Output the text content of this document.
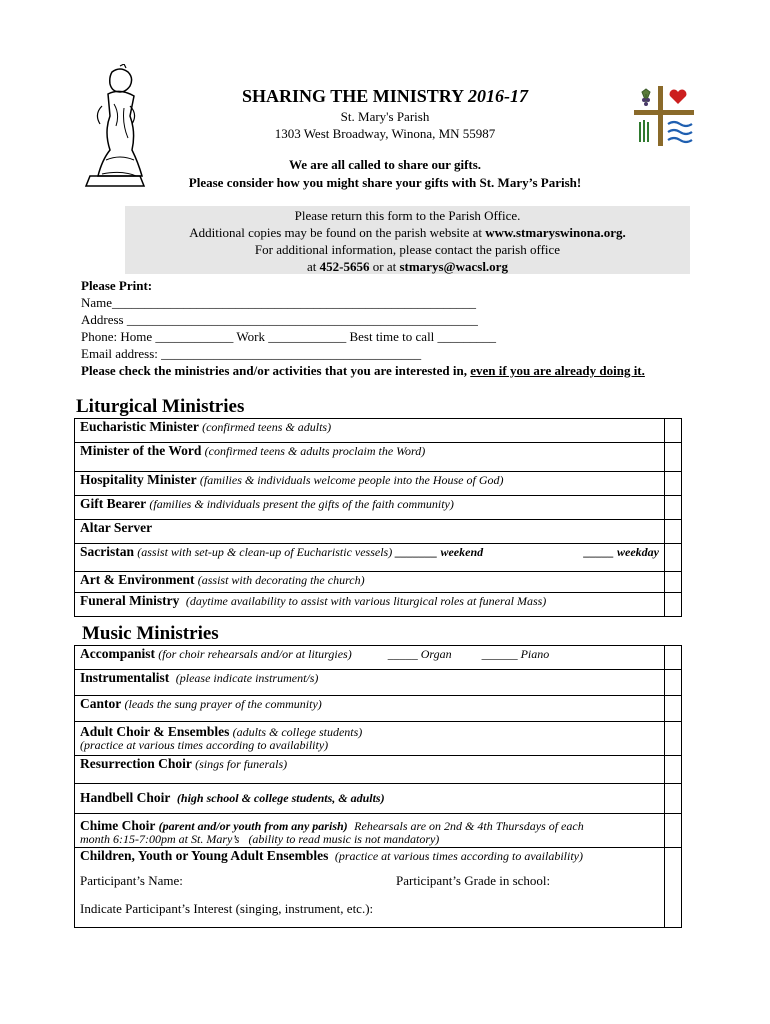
SHARING THE MINISTRY 2016-17
St. Mary's Parish
1303 West Broadway, Winona, MN 55987
We are all called to share our gifts.
Please consider how you might share your gifts with St. Mary’s Parish!
Please return this form to the Parish Office.
Additional copies may be found on the parish website at www.stmaryswinona.org.
For additional information, please contact the parish office
at 452-5656 or at stmarys@wacsl.org
Please Print:
Name________________________________________________________
Address ______________________________________________________
Phone: Home ____________ Work ____________ Best time to call _________
Email address: ________________________________________
Please check the ministries and/or activities that you are interested in, even if you are already doing it.
Liturgical Ministries
Eucharistic Minister (confirmed teens & adults)	
Minister of the Word (confirmed teens & adults proclaim the Word)	
Hospitality Minister (families & individuals welcome people into the House of God)	
Gift Bearer (families & individuals present the gifts of the faith community)	
Altar Server	

Sacristan (assist with set-up & clean-up of Eucharistic vessels) _______ weekend _____ weekday	

Art & Environment (assist with decorating the church)	
Funeral Ministry (daytime availability to assist with various liturgical roles at funeral Mass)	
Music Ministries
Accompanist (for choir rehearsals and/or at liturgies) _____ Organ ______ Piano	
Instrumentalist (please indicate instrument/s)	
Cantor (leads the sung prayer of the community)	

Adult Choir & Ensembles (adults & college students)
(practice at various times according to availability)	

Resurrection Choir (sings for funerals)	

Handbell Choir (high school & college students, & adults)	

Chime Choir (parent and/or youth from any parish) Rehearsals are on 2nd & 4th Thursdays of each
month 6:15-7:00pm at St. Mary’s (ability to read music is not mandatory)	

Children, Youth or Young Adult Ensembles (practice at various times according to availability)
Participant’s Name: Participant’s Grade in school:
Indicate Participant’s Interest (singing, instrument, etc.):	
